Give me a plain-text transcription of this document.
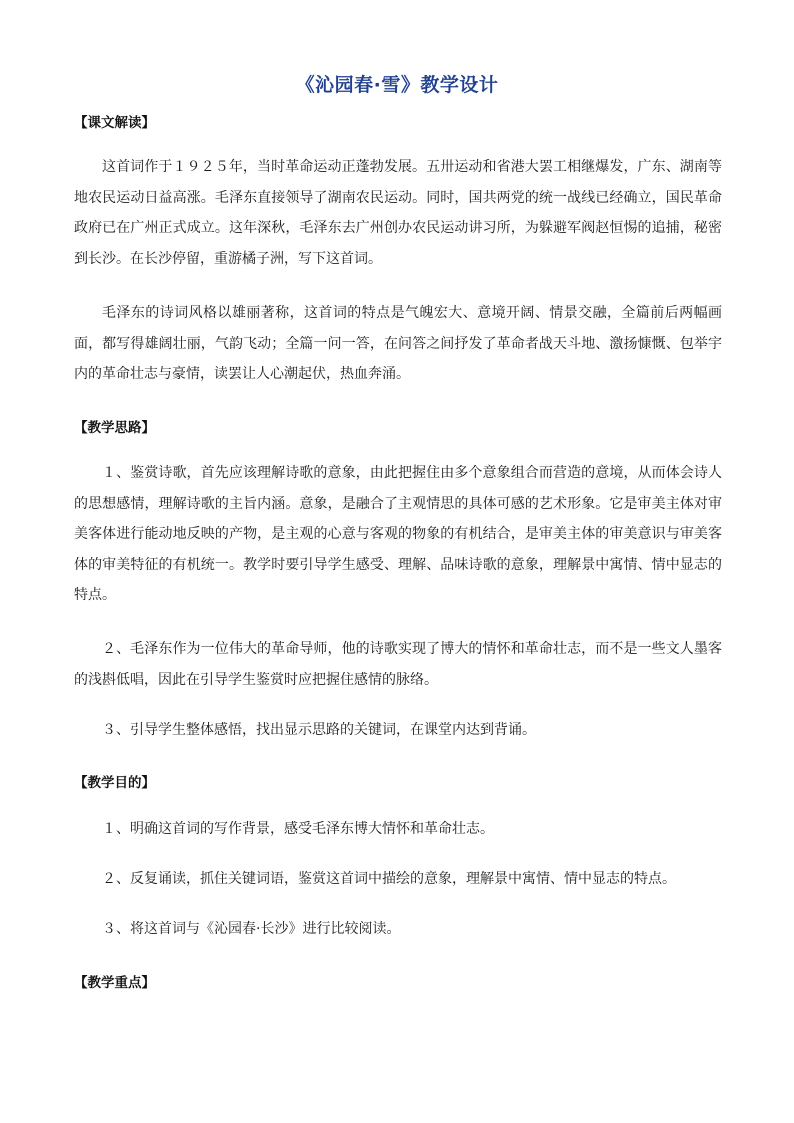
《沁园春·雪》教学设计
【课文解读】

这首词作于１９２５年，当时革命运动正蓬勃发展。五卅运动和省港大罢工相继爆发，广东、湖南等地农民运动日益高涨。毛泽东直接领导了湖南农民运动。同时，国共两党的统一战线已经确立，国民革命政府已在广州正式成立。这年深秋，毛泽东去广州创办农民运动讲习所，为躲避军阀赵恒惕的追捕，秘密到长沙。在长沙停留，重游橘子洲，写下这首词。

毛泽东的诗词风格以雄丽著称，这首词的特点是气魄宏大、意境开阔、情景交融，全篇前后两幅画面，都写得雄阔壮丽，气韵飞动；全篇一问一答，在问答之间抒发了革命者战天斗地、激扬慷慨、包举宇内的革命壮志与豪情，读罢让人心潮起伏，热血奔涌。

【教学思路】

１、鉴赏诗歌，首先应该理解诗歌的意象，由此把握住由多个意象组合而营造的意境，从而体会诗人的思想感情，理解诗歌的主旨内涵。意象，是融合了主观情思的具体可感的艺术形象。它是审美主体对审美客体进行能动地反映的产物，是主观的心意与客观的物象的有机结合，是审美主体的审美意识与审美客体的审美特征的有机统一。教学时要引导学生感受、理解、品味诗歌的意象，理解景中寓情、情中显志的特点。

２、毛泽东作为一位伟大的革命导师，他的诗歌实现了博大的情怀和革命壮志，而不是一些文人墨客的浅斟低唱，因此在引导学生鉴赏时应把握住感情的脉络。

３、引导学生整体感悟，找出显示思路的关键词，在课堂内达到背诵。

【教学目的】

１、明确这首词的写作背景，感受毛泽东博大情怀和革命壮志。

２、反复诵读，抓住关键词语，鉴赏这首词中描绘的意象，理解景中寓情、情中显志的特点。

３、将这首词与《沁园春·长沙》进行比较阅读。

【教学重点】
